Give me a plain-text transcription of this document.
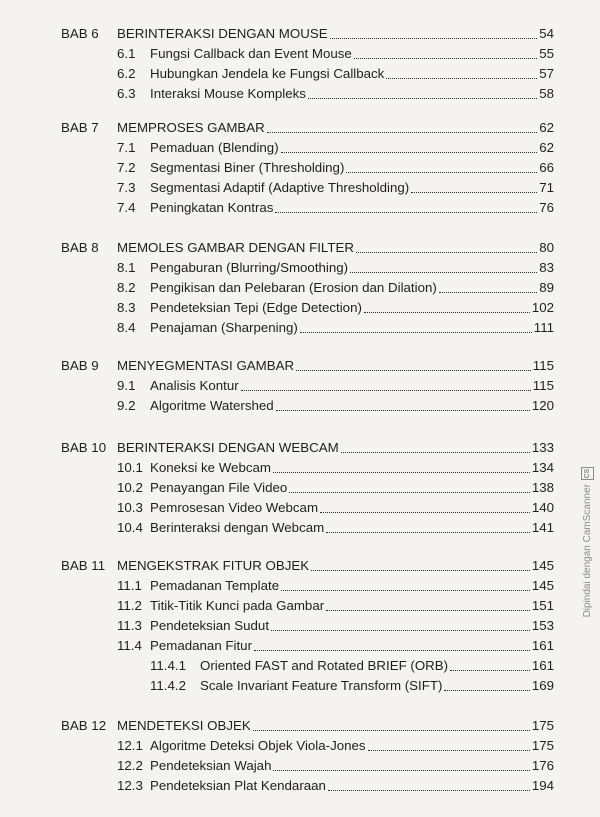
BAB 6 BERINTERAKSI DENGAN MOUSE	54
6.1	Fungsi Callback dan Event Mouse	55
6.2	Hubungkan Jendela ke Fungsi Callback	57
6.3	Interaksi Mouse Kompleks	58
BAB 7 MEMPROSES GAMBAR	62
7.1	Pemaduan (Blending)	62
7.2	Segmentasi Biner (Thresholding)	66
7.3	Segmentasi Adaptif (Adaptive Thresholding)	71
7.4	Peningkatan Kontras	76
BAB 8 MEMOLES GAMBAR DENGAN FILTER	80
8.1	Pengaburan (Blurring/Smoothing)	83
8.2	Pengikisan dan Pelebaran (Erosion dan Dilation)	89
8.3	Pendeteksian Tepi (Edge Detection)	102
8.4	Penajaman (Sharpening)	111
BAB 9 MENYEGMENTASI GAMBAR	115
9.1	Analisis Kontur	115
9.2	Algoritme Watershed	120
BAB 10 BERINTERAKSI DENGAN WEBCAM	133
10.1 Koneksi ke Webcam	134
10.2 Penayangan File Video	138
10.3 Pemrosesan Video Webcam	140
10.4 Berinteraksi dengan Webcam	141
BAB 11 MENGEKSTRAK FITUR OBJEK	145
11.1 Pemadanan Template	145
11.2 Titik-Titik Kunci pada Gambar	151
11.3 Pendeteksian Sudut	153
11.4 Pemadanan Fitur	161
11.4.1	Oriented FAST and Rotated BRIEF (ORB)	161
11.4.2	Scale Invariant Feature Transform (SIFT)	169
BAB 12 MENDETEKSI OBJEK	175
12.1 Algoritme Deteksi Objek Viola-Jones	175
12.2 Pendeteksian Wajah	176
12.3 Pendeteksian Plat Kendaraan	194
CS
Dipindai dengan CamScanner
